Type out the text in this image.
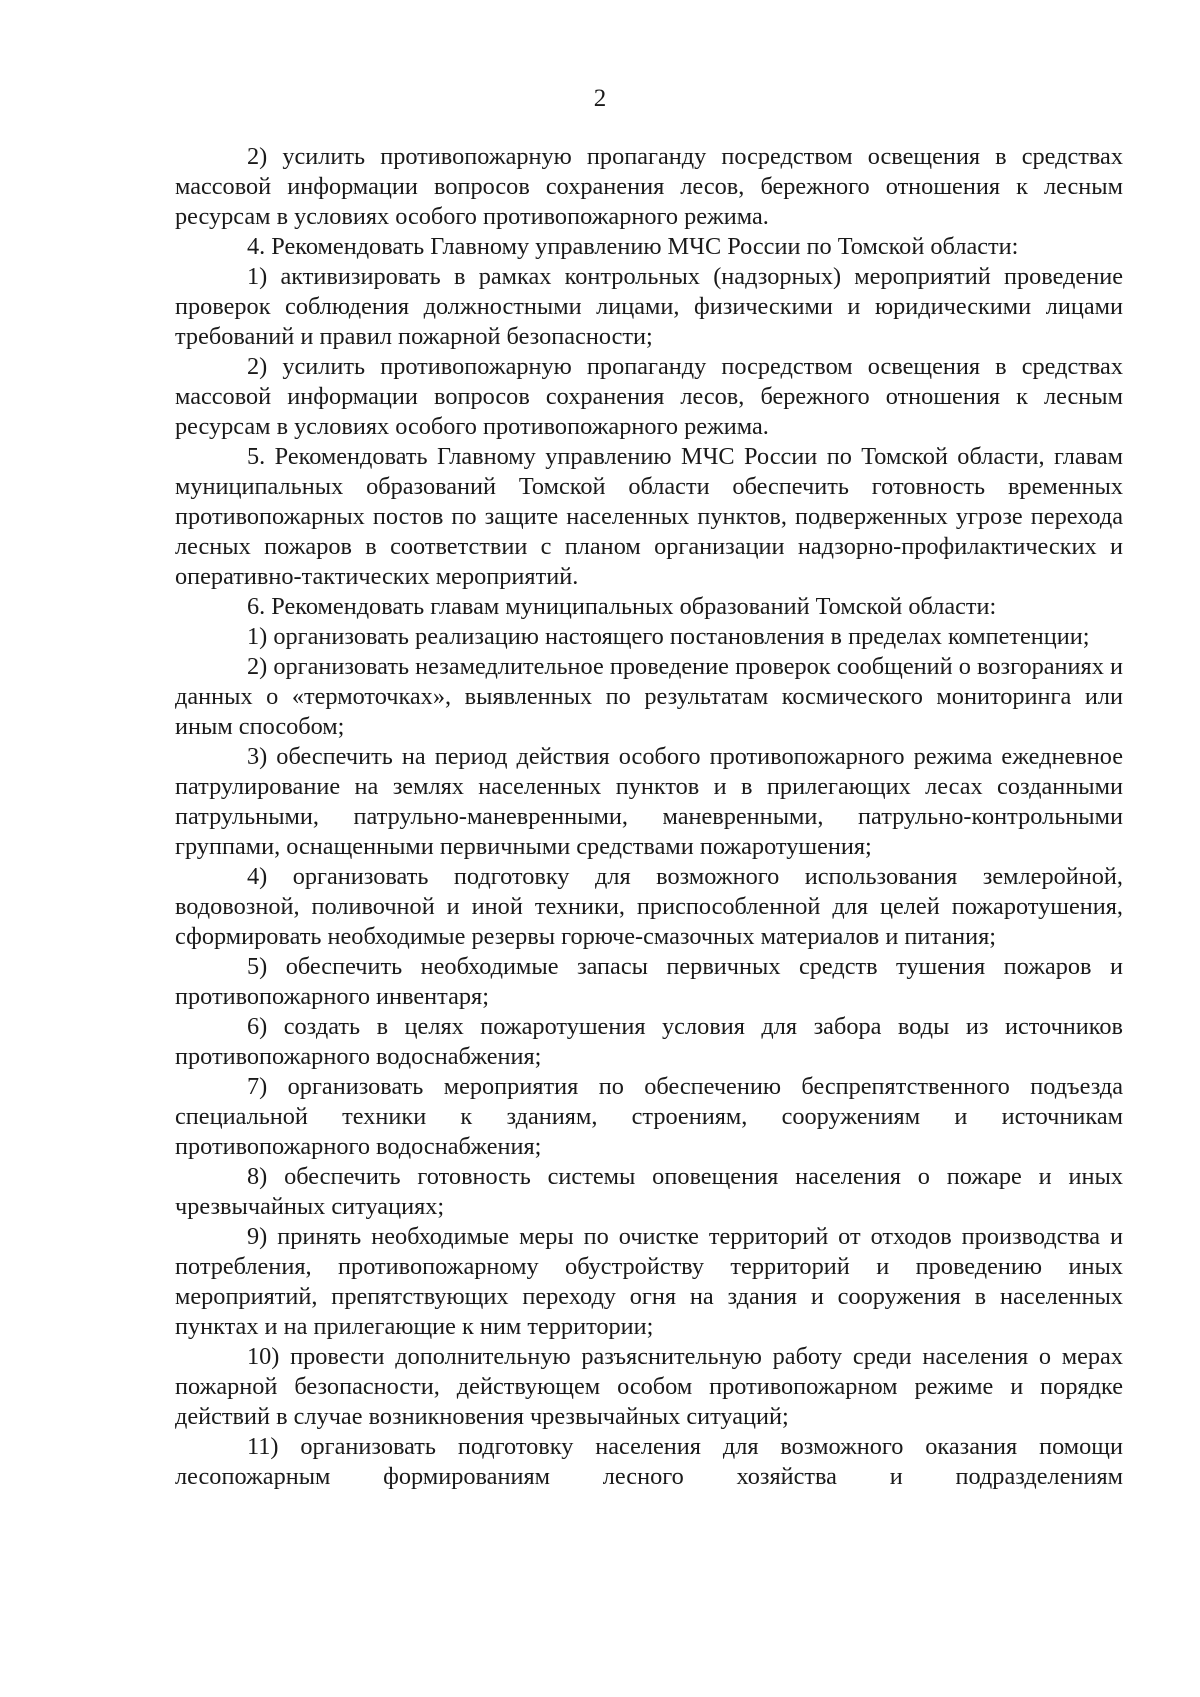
2

2) усилить противопожарную пропаганду посредством освещения в средствах массовой информации вопросов сохранения лесов, бережного отношения к лесным ресурсам в условиях особого противопожарного режима.

4. Рекомендовать Главному управлению МЧС России по Томской области:

1) активизировать в рамках контрольных (надзорных) мероприятий проведение проверок соблюдения должностными лицами, физическими и юридическими лицами требований и правил пожарной безопасности;

2) усилить противопожарную пропаганду посредством освещения в средствах массовой информации вопросов сохранения лесов, бережного отношения к лесным ресурсам в условиях особого противопожарного режима.

5. Рекомендовать Главному управлению МЧС России по Томской области, главам муниципальных образований Томской области обеспечить готовность временных противопожарных постов по защите населенных пунктов, подверженных угрозе перехода лесных пожаров в соответствии с планом организации надзорно-профилактических и оперативно-тактических мероприятий.

6. Рекомендовать главам муниципальных образований Томской области:

1) организовать реализацию настоящего постановления в пределах компетенции;

2) организовать незамедлительное проведение проверок сообщений о возгораниях и данных о «термоточках», выявленных по результатам космического мониторинга или иным способом;

3) обеспечить на период действия особого противопожарного режима ежедневное патрулирование на землях населенных пунктов и в прилегающих лесах созданными патрульными, патрульно-маневренными, маневренными, патрульно-контрольными группами, оснащенными первичными средствами пожаротушения;

4) организовать подготовку для возможного использования землеройной, водовозной, поливочной и иной техники, приспособленной для целей пожаротушения, сформировать необходимые резервы горюче-смазочных материалов и питания;

5) обеспечить необходимые запасы первичных средств тушения пожаров и противопожарного инвентаря;

6) создать в целях пожаротушения условия для забора воды из источников противопожарного водоснабжения;

7) организовать мероприятия по обеспечению беспрепятственного подъезда специальной техники к зданиям, строениям, сооружениям и источникам противопожарного водоснабжения;

8) обеспечить готовность системы оповещения населения о пожаре и иных чрезвычайных ситуациях;

9) принять необходимые меры по очистке территорий от отходов производства и потребления, противопожарному обустройству территорий и проведению иных мероприятий, препятствующих переходу огня на здания и сооружения в населенных пунктах и на прилегающие к ним территории;

10) провести дополнительную разъяснительную работу среди населения о мерах пожарной безопасности, действующем особом противопожарном режиме и порядке действий в случае возникновения чрезвычайных ситуаций;

11) организовать подготовку населения для возможного оказания помощи лесопожарным формированиям лесного хозяйства и подразделениям
